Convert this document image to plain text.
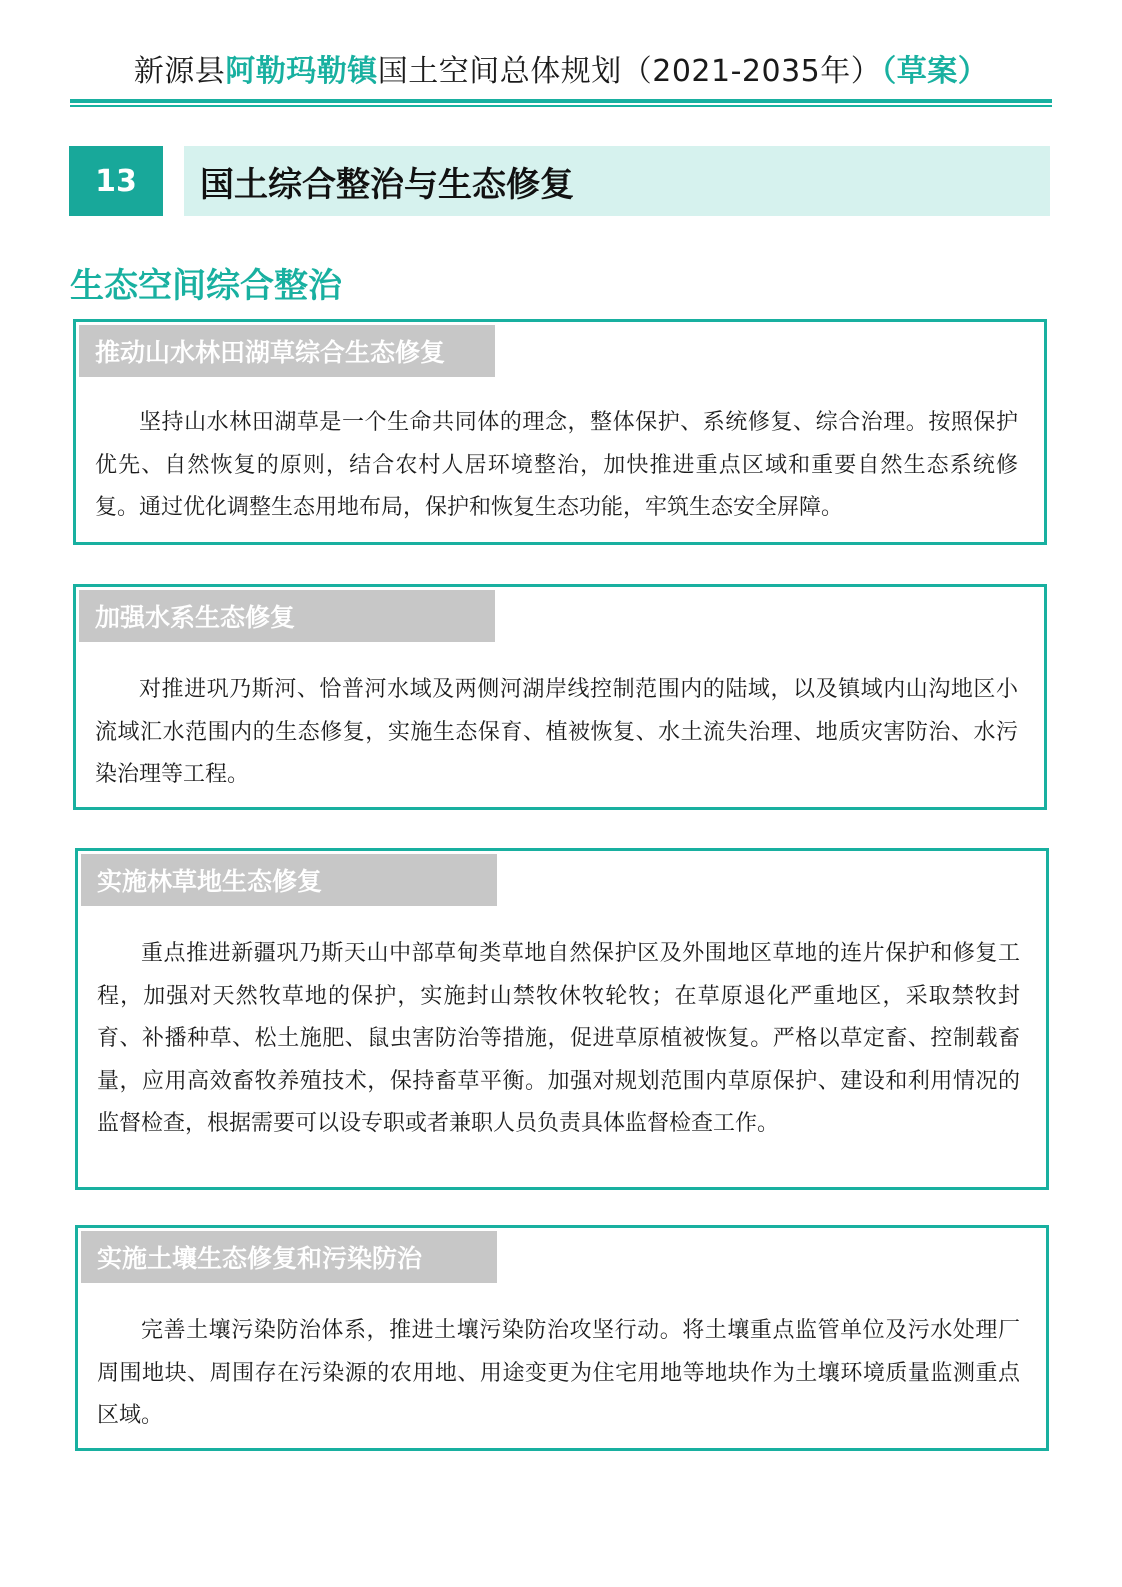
新源县阿勒玛勒镇国土空间总体规划（2021-2035年）（草案）
13	国土综合整治与生态修复
生态空间综合整治
推动山水林田湖草综合生态修复
坚持山水林田湖草是一个生命共同体的理念，整体保护、系统修复、综合治理。按照保护优先、自然恢复的原则，结合农村人居环境整治，加快推进重点区域和重要自然生态系统修复。通过优化调整生态用地布局，保护和恢复生态功能，牢筑生态安全屏障。
加强水系生态修复
对推进巩乃斯河、恰普河水域及两侧河湖岸线控制范围内的陆域，以及镇域内山沟地区小流域汇水范围内的生态修复，实施生态保育、植被恢复、水土流失治理、地质灾害防治、水污染治理等工程。
实施林草地生态修复
重点推进新疆巩乃斯天山中部草甸类草地自然保护区及外围地区草地的连片保护和修复工程，加强对天然牧草地的保护，实施封山禁牧休牧轮牧；在草原退化严重地区，采取禁牧封育、补播种草、松土施肥、鼠虫害防治等措施，促进草原植被恢复。严格以草定畜、控制载畜量，应用高效畜牧养殖技术，保持畜草平衡。加强对规划范围内草原保护、建设和利用情况的监督检查，根据需要可以设专职或者兼职人员负责具体监督检查工作。
实施土壤生态修复和污染防治
完善土壤污染防治体系，推进土壤污染防治攻坚行动。将土壤重点监管单位及污水处理厂周围地块、周围存在污染源的农用地、用途变更为住宅用地等地块作为土壤环境质量监测重点区域。
